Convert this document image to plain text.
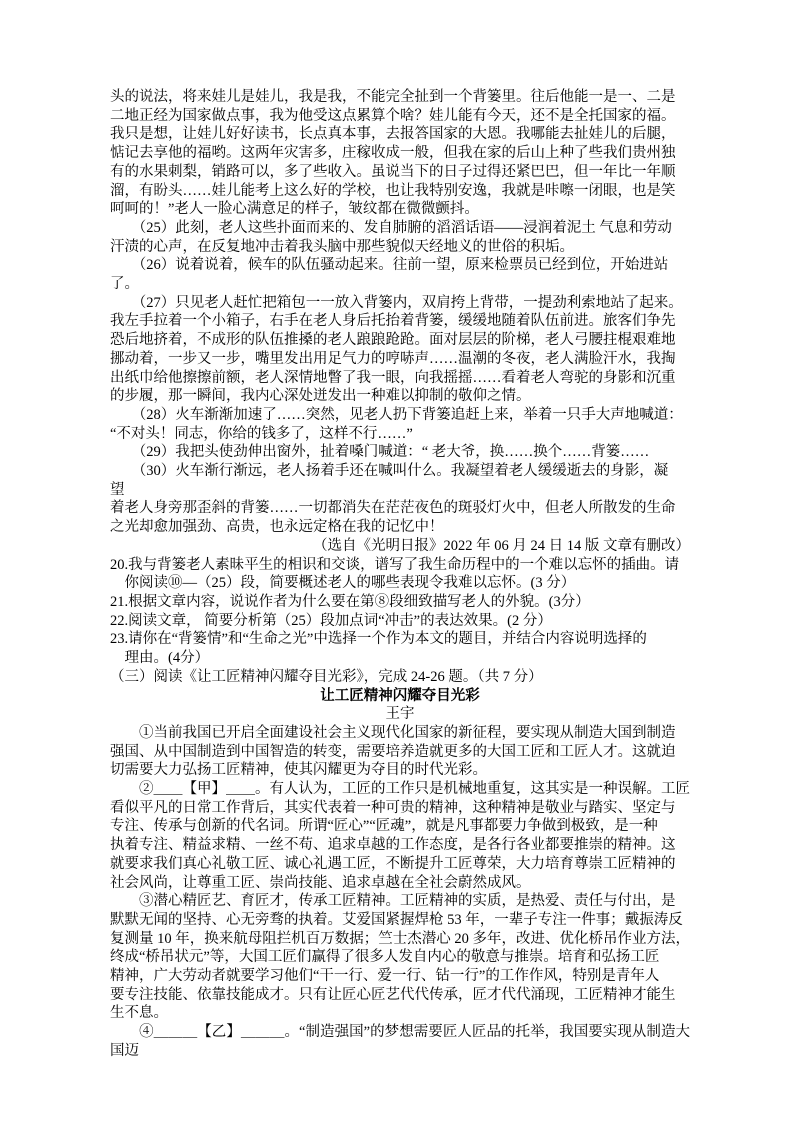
头的说法，将来娃儿是娃儿，我是我，不能完全扯到一个背篓里。往后他能一是一、二是
二地正经为国家做点事，我为他受这点累算个啥？娃儿能有今天，还不是全托国家的福。
我只是想，让娃儿好好读书，长点真本事，去报答国家的大恩。我哪能去扯娃儿的后腿，
惦记去享他的福哟。这两年灾害多，庄稼收成一般，但我在家的后山上种了些我们贵州独
有的水果刺梨，销路可以，多了些收入。虽说当下的日子过得还紧巴巴，但一年比一年顺
溜，有盼头……娃儿能考上这么好的学校，也让我特别安逸，我就是咔嚓一闭眼，也是笑
呵呵的！”老人一脸心满意足的样子，皱纹都在微微颤抖。
　　（25）此刻，老人这些扑面而来的、发自肺腑的滔滔话语——浸润着泥土 气息和劳动
汗渍的心声，在反复地冲击着我头脑中那些貌似天经地义的世俗的积垢。
　　（26）说着说着，候车的队伍骚动起来。往前一望，原来检票员已经到位，开始进站
了。
　　（27）只见老人赶忙把箱包一一放入背篓内，双肩挎上背带，一提劲利索地站了起来。
我左手拉着一个小箱子，右手在老人身后托抬着背篓，缓缓地随着队伍前进。旅客们争先
恐后地挤着，不成形的队伍推搡的老人踉踉跄跄。面对层层的阶梯，老人弓腰拄棍艰难地
挪动着，一步又一步，嘴里发出用足气力的哼哧声……温潮的冬夜，老人满脸汗水，我掏
出纸巾给他擦擦前额，老人深情地瞥了我一眼，向我摇摇……看着老人弯驼的身影和沉重
的步履，那一瞬间，我内心深处迸发出一种难以抑制的敬仰之情。
　　（28）火车渐渐加速了……突然，见老人扔下背篓追赶上来，举着一只手大声地喊道：
“不对头！同志，你给的钱多了，这样不行……”
　　（29）我把头使劲伸出窗外，扯着嗓门喊道：“ 老大爷，换……换个……背篓……
　　（30）火车渐行渐远，老人扬着手还在喊叫什么。我凝望着老人缓缓逝去的身影，凝
望
着老人身旁那歪斜的背篓……一切都消失在茫茫夜色的斑驳灯火中，但老人所散发的生命
之光却愈加强劲、高贵，也永远定格在我的记忆中！
（选自《光明日报》2022 年 06 月 24 日 14 版 文章有删改）
20.我与背篓老人素昧平生的相识和交谈，谱写了我生命历程中的一个难以忘怀的插曲。请
　你阅读⑩—（25）段，简要概述老人的哪些表现令我难以忘怀。(3 分）
21.根据文章内容，说说作者为什么要在第⑧段细致描写老人的外貌。(3分）
22.阅读文章， 简要分析第（25）段加点词“冲击”的表达效果。(2 分）
23.请你在“背篓情”和“生命之光”中选择一个作为本文的题目，并结合内容说明选择的
　理由。(4分）
（三）阅读《让工匠精神闪耀夺目光彩》，完成 24-26 题。（共 7 分）
让工匠精神闪耀夺目光彩
王宇
　　①当前我国已开启全面建设社会主义现代化国家的新征程，要实现从制造大国到制造
强国、从中国制造到中国智造的转变，需要培养造就更多的大国工匠和工匠人才。这就迫
切需要大力弘扬工匠精神，使其闪耀更为夺目的时代光彩。
　　②＿＿【甲】＿＿。有人认为，工匠的工作只是机械地重复，这其实是一种误解。工匠
看似平凡的日常工作背后，其实代表着一种可贵的精神，这种精神是敬业与踏实、坚定与
专注、传承与创新的代名词。所谓“匠心”“匠魂”，就是凡事都要力争做到极致，是一种
执着专注、精益求精、一丝不苟、追求卓越的工作态度，是各行各业都要推崇的精神。这
就要求我们真心礼敬工匠、诚心礼遇工匠，不断提升工匠尊荣，大力培育尊崇工匠精神的
社会风尚，让尊重工匠、崇尚技能、追求卓越在全社会蔚然成风。
　　③潜心精匠艺、育匠才，传承工匠精神。工匠精神的实质，是热爱、责任与付出，是
默默无闻的坚持、心无旁骛的执着。艾爱国紧握焊枪 53 年，一辈子专注一件事；戴振涛反
复测量 10 年，换来航母阻拦机百万数据；竺士杰潜心 20 多年，改进、优化桥吊作业方法，
终成“桥吊状元”等，大国工匠们赢得了很多人发自内心的敬意与推崇。培育和弘扬工匠
精神，广大劳动者就要学习他们“干一行、爱一行、钻一行”的工作作风，特别是青年人
要专注技能、依靠技能成才。只有让匠心匠艺代代传承，匠才代代涌现，工匠精神才能生
生不息。
　　④＿＿＿【乙】＿＿＿。“制造强国”的梦想需要匠人匠品的托举，我国要实现从制造大国迈
